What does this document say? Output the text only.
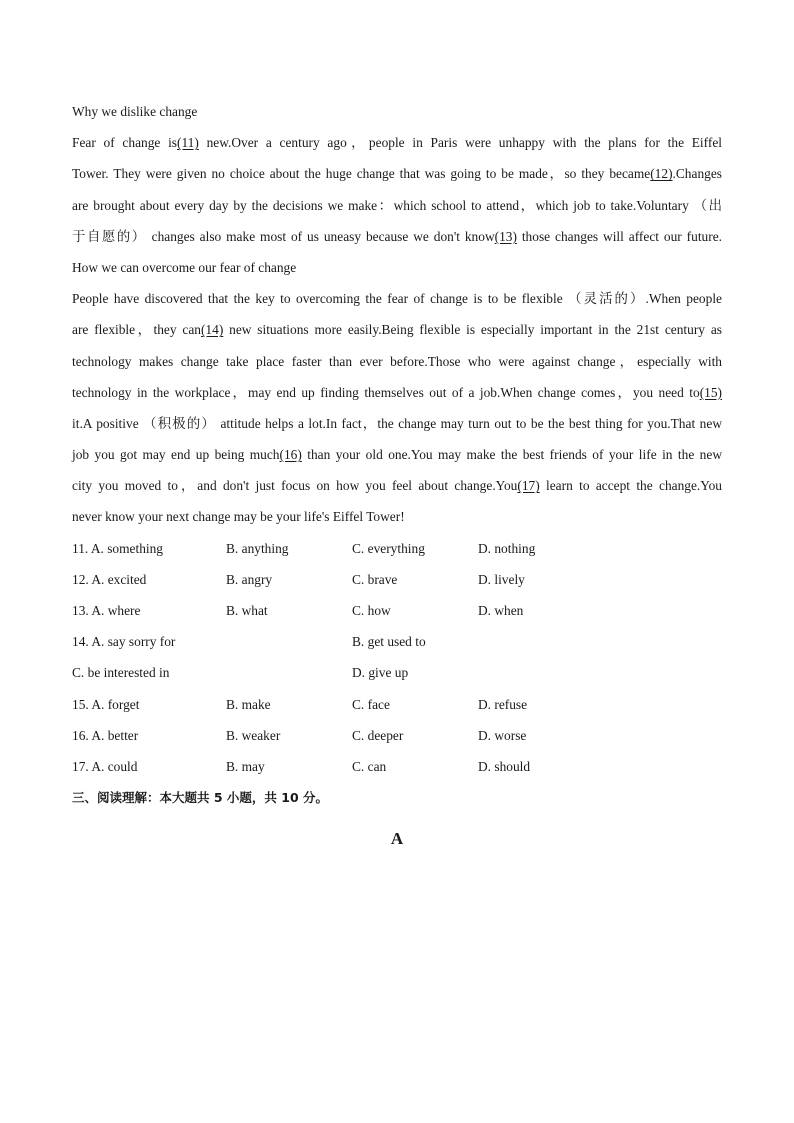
Why we dislike change

Fear of change is(11) new.Over a century ago，people in Paris were unhappy with the plans for the Eiffel

Tower. They were given no choice about the huge change that was going to be made，so they became(12).Changes

are brought about every day by the decisions we make：which school to attend，which job to take.Voluntary （出

于自愿的） changes also make most of us uneasy because we don't know(13) those changes will affect our future.

How we can overcome our fear of change

People have discovered that the key to overcoming the fear of change is to be flexible （灵活的）.When people

are flexible，they can(14) new situations more easily.Being flexible is especially important in the 21st century as

technology makes change take place faster than ever before.Those who were against change，especially with

technology in the workplace，may end up finding themselves out of a job.When change comes，you need to(15)

it.A positive （积极的） attitude helps a lot.In fact，the change may turn out to be the best thing for you.That new

job you got may end up being much(16) than your old one.You may make the best friends of your life in the new

city you moved to，and don't just focus on how you feel about change.You(17) learn to accept the change.You

never know your next change may be your life's Eiffel Tower!

11. A. something	B. anything	C. everything	D. nothing
12. A. excited	B. angry	C. brave	D. lively
13. A. where	B. what	C. how	D. when
14. A. say sorry for	B. get used to
C. be interested in	D. give up
15. A. forget	B. make	C. face	D. refuse
16. A. better	B. weaker	C. deeper	D. worse
17. A. could	B. may	C. can	D. should
三、阅读理解：本大题共 5 小题，共 10 分。
A
